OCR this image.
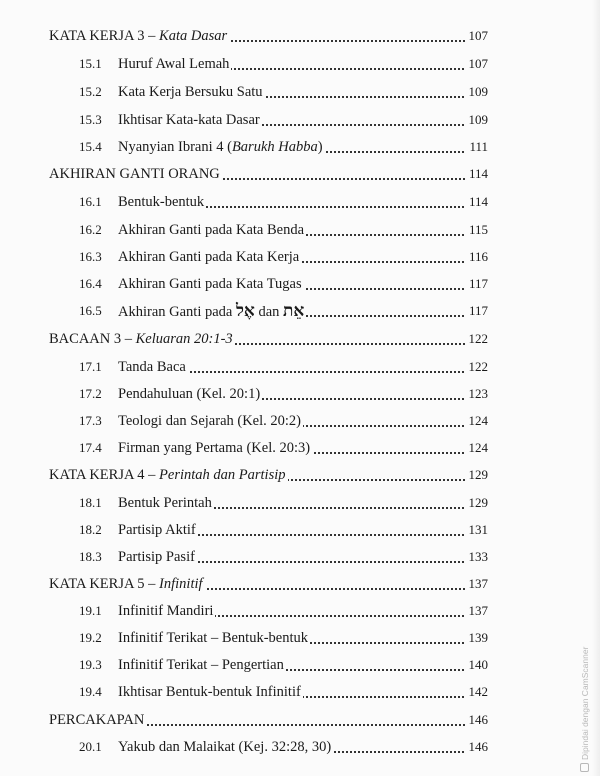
KATA KERJA 3 – Kata Dasar	107
15.1 Huruf Awal Lemah	107
15.2 Kata Kerja Bersuku Satu	109
15.3 Ikhtisar Kata-kata Dasar	109
15.4 Nyanyian Ibrani 4 (Barukh Habba)	111
AKHIRAN GANTI ORANG	114
16.1 Bentuk-bentuk	114
16.2 Akhiran Ganti pada Kata Benda	115
16.3 Akhiran Ganti pada Kata Kerja	116
16.4 Akhiran Ganti pada Kata Tugas	117
16.5 Akhiran Ganti pada אֶל dan אֵת	117
BACAAN 3 – Keluaran 20:1-3	122
17.1 Tanda Baca	122
17.2 Pendahuluan (Kel. 20:1)	123
17.3 Teologi dan Sejarah (Kel. 20:2)	124
17.4 Firman yang Pertama (Kel. 20:3)	124
KATA KERJA 4 – Perintah dan Partisip	129
18.1 Bentuk Perintah	129
18.2 Partisip Aktif	131
18.3 Partisip Pasif	133
KATA KERJA 5 – Infinitif	137
19.1 Infinitif Mandiri	137
19.2 Infinitif Terikat – Bentuk-bentuk	139
19.3 Infinitif Terikat – Pengertian	140
19.4 Ikhtisar Bentuk-bentuk Infinitif	142
PERCAKAPAN	146
20.1 Yakub dan Malaikat (Kej. 32:28, 30)	146	Dipindai dengan CamScanner
